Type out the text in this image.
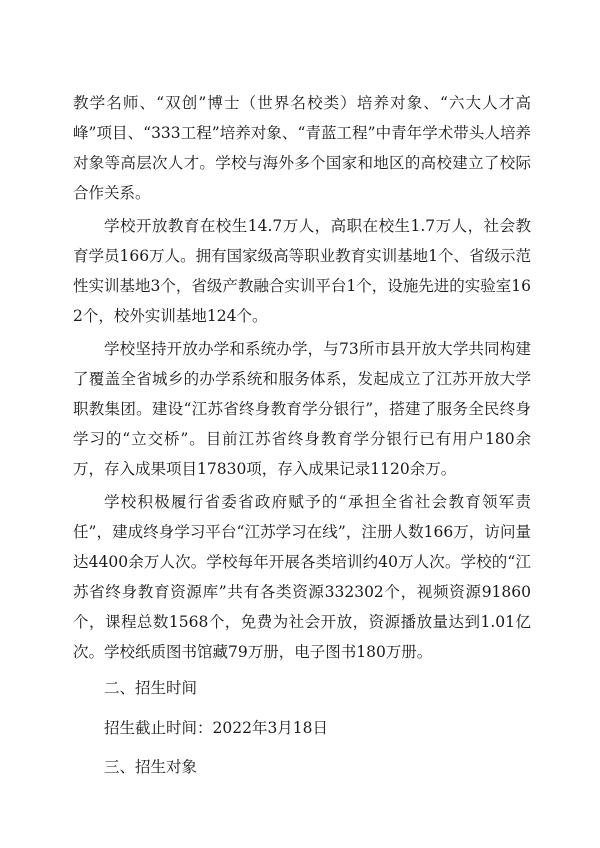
教学名师、“双创”博士（世界名校类）培养对象、“六大人才高峰”项目、“333工程”培养对象、“青蓝工程”中青年学术带头人培养对象等高层次人才。学校与海外多个国家和地区的高校建立了校际合作关系。

学校开放教育在校生14.7万人，高职在校生1.7万人，社会教育学员166万人。拥有国家级高等职业教育实训基地1个、省级示范性实训基地3个，省级产教融合实训平台1个，设施先进的实验室162个，校外实训基地124个。

学校坚持开放办学和系统办学，与73所市县开放大学共同构建了覆盖全省城乡的办学系统和服务体系，发起成立了江苏开放大学职教集团。建设“江苏省终身教育学分银行”，搭建了服务全民终身学习的“立交桥”。目前江苏省终身教育学分银行已有用户180余万，存入成果项目17830项，存入成果记录1120余万。

学校积极履行省委省政府赋予的“承担全省社会教育领军责任”，建成终身学习平台“江苏学习在线”，注册人数166万，访问量达4400余万人次。学校每年开展各类培训约40万人次。学校的“江苏省终身教育资源库”共有各类资源332302个，视频资源91860个，课程总数1568个，免费为社会开放，资源播放量达到1.01亿次。学校纸质图书馆藏79万册，电子图书180万册。

二、招生时间
招生截止时间：2022年3月18日
三、招生对象
